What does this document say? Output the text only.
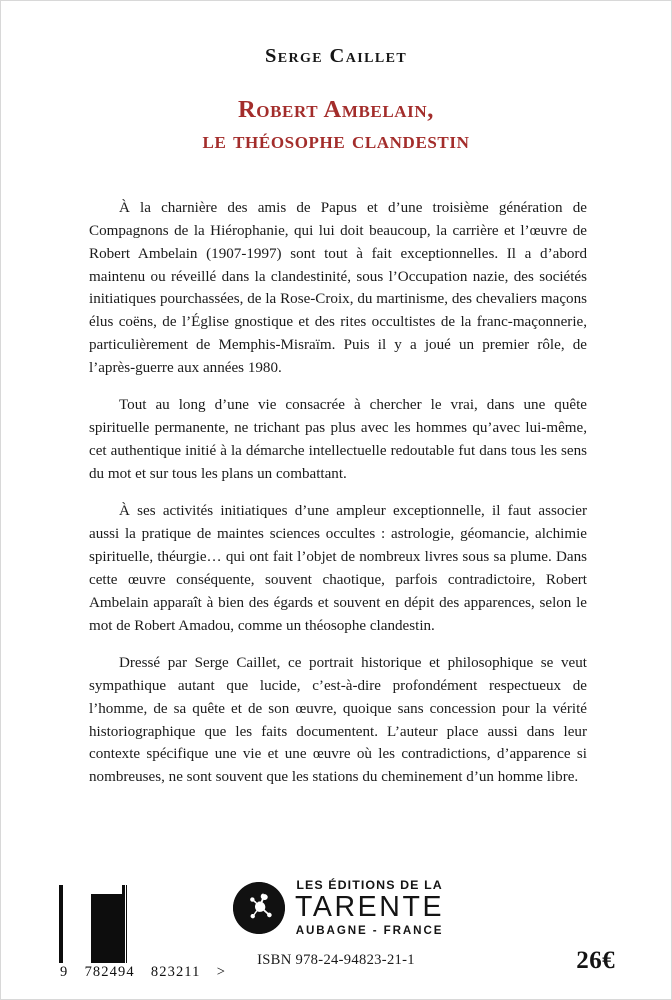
Serge Caillet
Robert Ambelain,
le théosophe clandestin

À la charnière des amis de Papus et d’une troisième génération de Compagnons de la Hiérophanie, qui lui doit beaucoup, la carrière et l’œuvre de Robert Ambelain (1907-1997) sont tout à fait exceptionnelles. Il a d’abord maintenu ou réveillé dans la clandestinité, sous l’Occupation nazie, des sociétés initiatiques pourchassées, de la Rose-Croix, du martinisme, des chevaliers maçons élus coëns, de l’Église gnostique et des rites occultistes de la franc-maçonnerie, particulièrement de Memphis-Misraïm. Puis il y a joué un premier rôle, de l’après-guerre aux années 1980.

Tout au long d’une vie consacrée à chercher le vrai, dans une quête spirituelle permanente, ne trichant pas plus avec les hommes qu’avec lui-même, cet authentique initié à la démarche intellectuelle redoutable fut dans tous les sens du mot et sur tous les plans un combattant.

À ses activités initiatiques d’une ampleur exceptionnelle, il faut associer aussi la pratique de maintes sciences occultes : astrologie, géomancie, alchimie spirituelle, théurgie… qui ont fait l’objet de nombreux livres sous sa plume. Dans cette œuvre conséquente, souvent chaotique, parfois contradictoire, Robert Ambelain apparaît à bien des égards et souvent en dépit des apparences, selon le mot de Robert Amadou, comme un théosophe clandestin.

Dressé par Serge Caillet, ce portrait historique et philosophique se veut sympathique autant que lucide, c’est-à-dire profondément respectueux de l’homme, de sa quête et de son œuvre, quoique sans concession pour la vérité historiographique que les faits documentent. L’auteur place aussi dans leur contexte spécifique une vie et une œuvre où les contradictions, d’apparence si nombreuses, ne sont souvent que les stations du cheminement d’un homme libre.

9 782494 823211 >
LES ÉDITIONS DE LA
TARENTE
AUBAGNE - FRANCE
ISBN 978-24-94823-21-1	26€
